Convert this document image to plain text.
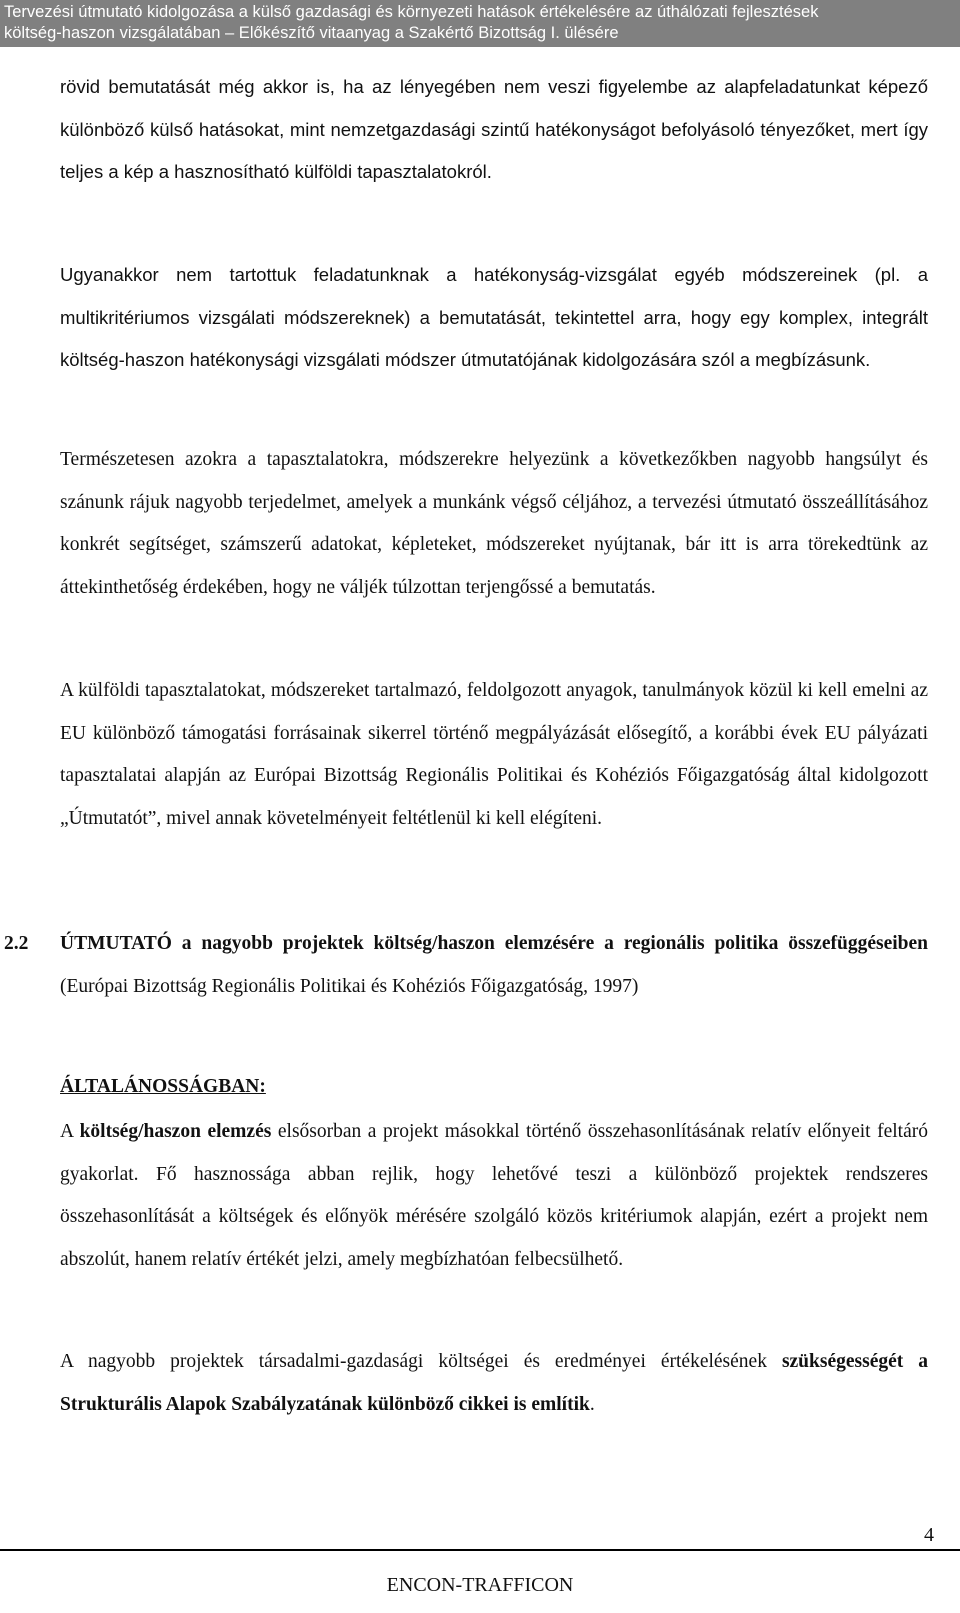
Tervezési útmutató kidolgozása a külső gazdasági és környezeti hatások értékelésére az úthálózati fejlesztések
költség-haszon vizsgálatában – Előkészítő vitaanyag a Szakértő Bizottság I. ülésére

rövid bemutatását még akkor is, ha az lényegében nem veszi figyelembe az alapfeladatunkat képező különböző külső hatásokat, mint nemzetgazdasági szintű hatékonyságot befolyásoló tényezőket, mert így teljes a kép a hasznosítható külföldi tapasztalatokról.

Ugyanakkor nem tartottuk feladatunknak a hatékonyság-vizsgálat egyéb módszereinek (pl. a multikritériumos vizsgálati módszereknek) a bemutatását, tekintettel arra, hogy egy komplex, integrált költség-haszon hatékonysági vizsgálati módszer útmutatójának kidolgozására szól a megbízásunk.

Természetesen azokra a tapasztalatokra, módszerekre helyezünk a következőkben nagyobb hangsúlyt és szánunk rájuk nagyobb terjedelmet, amelyek a munkánk végső céljához, a tervezési útmutató összeállításához konkrét segítséget, számszerű adatokat, képleteket, módszereket nyújtanak, bár itt is arra törekedtünk az áttekinthetőség érdekében, hogy ne váljék túlzottan terjengőssé a bemutatás.

A külföldi tapasztalatokat, módszereket tartalmazó, feldolgozott anyagok, tanulmányok közül ki kell emelni az EU különböző támogatási forrásainak sikerrel történő megpályázását elősegítő, a korábbi évek EU pályázati tapasztalatai alapján az Európai Bizottság Regionális Politikai és Kohéziós Főigazgatóság által kidolgozott „Útmutatót”, mivel annak követelményeit feltétlenül ki kell elégíteni.

2.2 ÚTMUTATÓ a nagyobb projektek költség/haszon elemzésére a regionális politika összefüggéseiben (Európai Bizottság Regionális Politikai és Kohéziós Főigazgatóság, 1997)
ÁLTALÁNOSSÁGBAN:

A költség/haszon elemzés elsősorban a projekt másokkal történő összehasonlításának relatív előnyeit feltáró gyakorlat. Fő hasznossága abban rejlik, hogy lehetővé teszi a különböző projektek rendszeres összehasonlítását a költségek és előnyök mérésére szolgáló közös kritériumok alapján, ezért a projekt nem abszolút, hanem relatív értékét jelzi, amely megbízhatóan felbecsülhető.

A nagyobb projektek társadalmi-gazdasági költségei és eredményei értékelésének szükségességét a Strukturális Alapok Szabályzatának különböző cikkei is említik.

4
ENCON-TRAFFICON
